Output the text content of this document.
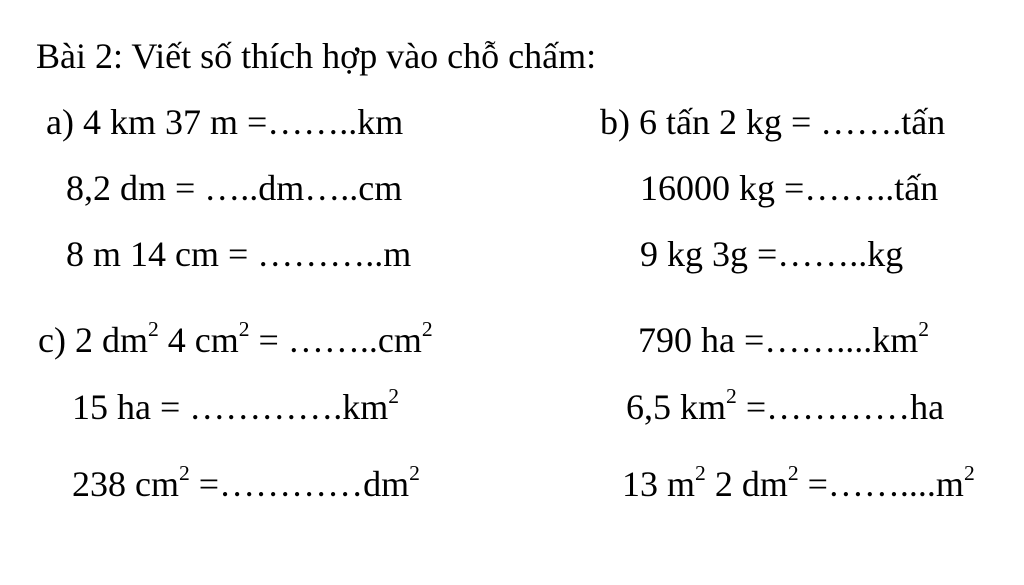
Bài 2: Viết số thích hợp vào chỗ chấm:
a) 4 km 37 m =……..km
8,2 dm = …..dm…..cm
8 m 14 cm = ………..m
c) 2 $dm^2$ 4 $cm^2$ = $\dots\dots..cm^2$
15 ha = $\dots\dots\dots\dots.km^2$
238 $cm^2$ $=\dots\dots\dots\dots dm^2$
b) 6 tấn 2 kg = …….tấn
16000 kg =……..tấn
9 kg 3g =……..kg
790 ha $=\dots\dots....km^2$
6,5 $km^2$ =…………ha
13 $m^2$ 2 $dm^2$ $=\dots\dots....m^2$
